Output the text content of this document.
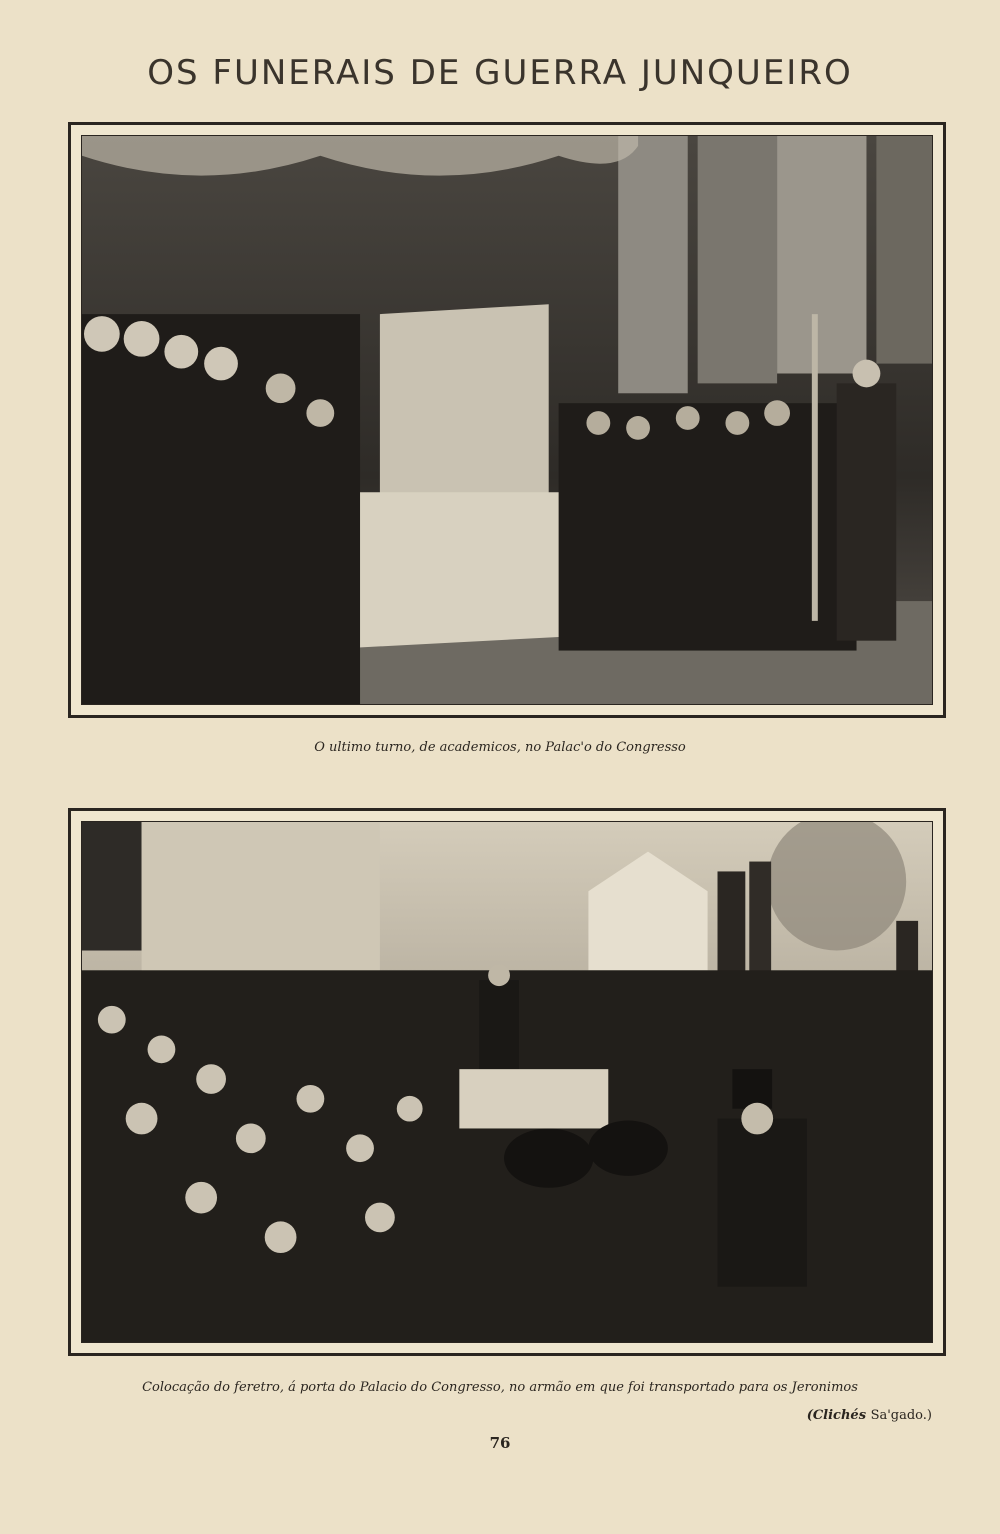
OS FUNERAIS DE GUERRA JUNQUEIRO
O ultimo turno, de academicos, no Palac'o do Congresso
Colocação do feretro, á porta do Palacio do Congresso, no armão em que foi transportado para os Jeronimos
(Clichés Sa'gado.)
76
